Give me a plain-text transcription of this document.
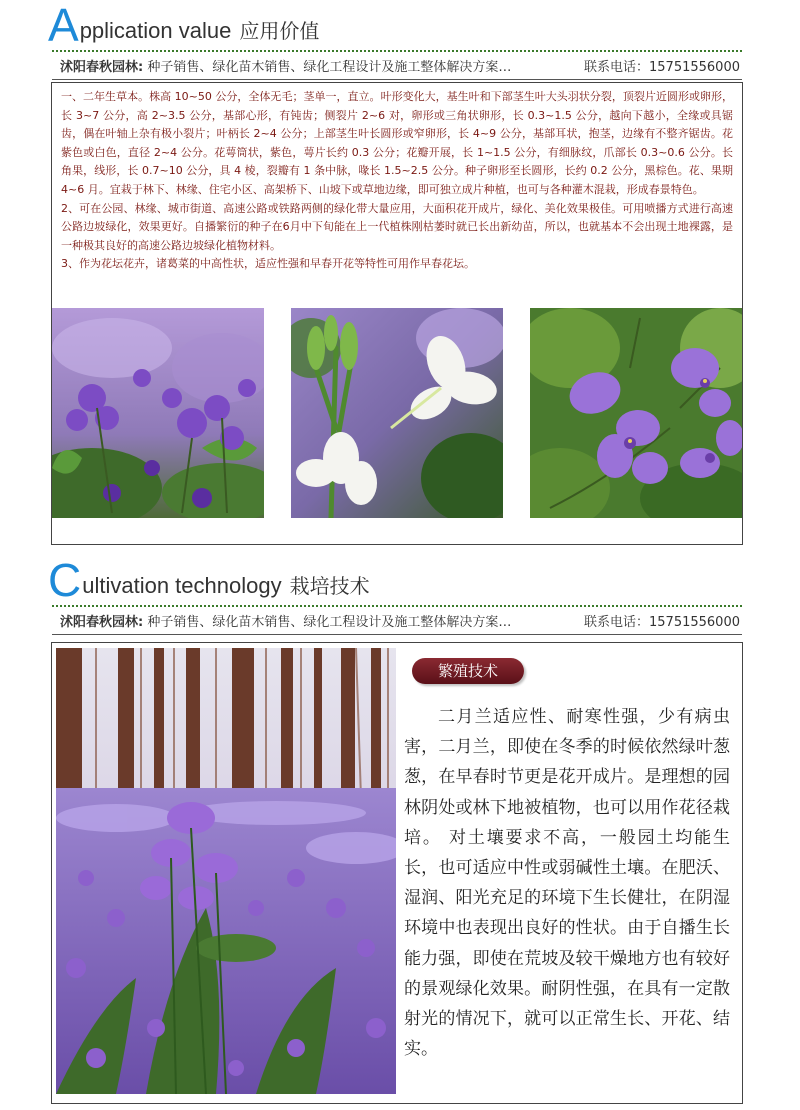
A pplication value 应用价值
沭阳春秋园林: 种子销售、绿化苗木销售、绿化工程设计及施工整体解决方案…	联系电话：15751556000

一、二年生草本。株高 10~50 公分，全体无毛；茎单一，直立。叶形变化大，基生叶和下部茎生叶大头羽状分裂，顶裂片近圆形或卵形，长 3~7 公分，高 2~3.5 公分，基部心形，有钝齿；侧裂片 2~6 对，卵形或三角状卵形，长 0.3~1.5 公分，越向下越小，全缘或具锯齿，偶在叶轴上杂有极小裂片；叶柄长 2~4 公分；上部茎生叶长圆形或窄卵形，长 4~9 公分，基部耳状，抱茎，边缘有不整齐锯齿。花紫色或白色，直径 2~4 公分。花萼筒状，紫色，萼片长约 0.3 公分；花瓣开展，长 1~1.5 公分，有细脉纹，爪部长 0.3~0.6 公分。长角果，线形，长 0.7~10 公分，具 4 棱，裂瓣有 1 条中脉，喙长 1.5~2.5 公分。种子卵形至长圆形，长约 0.2 公分，黑棕色。花、果期 4~6 月。宜栽于林下、林缘、住宅小区、高架桥下、山坡下或草地边缘，即可独立成片种植，也可与各种灌木混栽，形成春景特色。

2、可在公园、林缘、城市街道、高速公路或铁路两侧的绿化带大量应用，大面积花开成片，绿化、美化效果极佳。可用喷播方式进行高速公路边坡绿化，效果更好。自播繁衍的种子在6月中下旬能在上一代植株刚枯萎时就已长出新幼苗，所以，也就基本不会出现土地裸露，是一种极其良好的高速公路边坡绿化植物材料。

3、作为花坛花卉，诸葛菜的中高性状，适应性强和早春开花等特性可用作早春花坛。

C ultivation technology 栽培技术
沭阳春秋园林: 种子销售、绿化苗木销售、绿化工程设计及施工整体解决方案…	联系电话：15751556000
繁殖技术
二月兰适应性、耐寒性强，少有病虫害，二月兰，即使在冬季的时候依然绿叶葱葱，在早春时节更是花开成片。是理想的园林阴处或林下地被植物，也可以用作花径栽培。 对土壤要求不高，一般园土均能生长，也可适应中性或弱碱性土壤。在肥沃、湿润、阳光充足的环境下生长健壮，在阴湿环境中也表现出良好的性状。由于自播生长能力强，即使在荒坡及较干燥地方也有较好的景观绿化效果。耐阴性强，在具有一定散射光的情况下，就可以正常生长、开花、结实。
